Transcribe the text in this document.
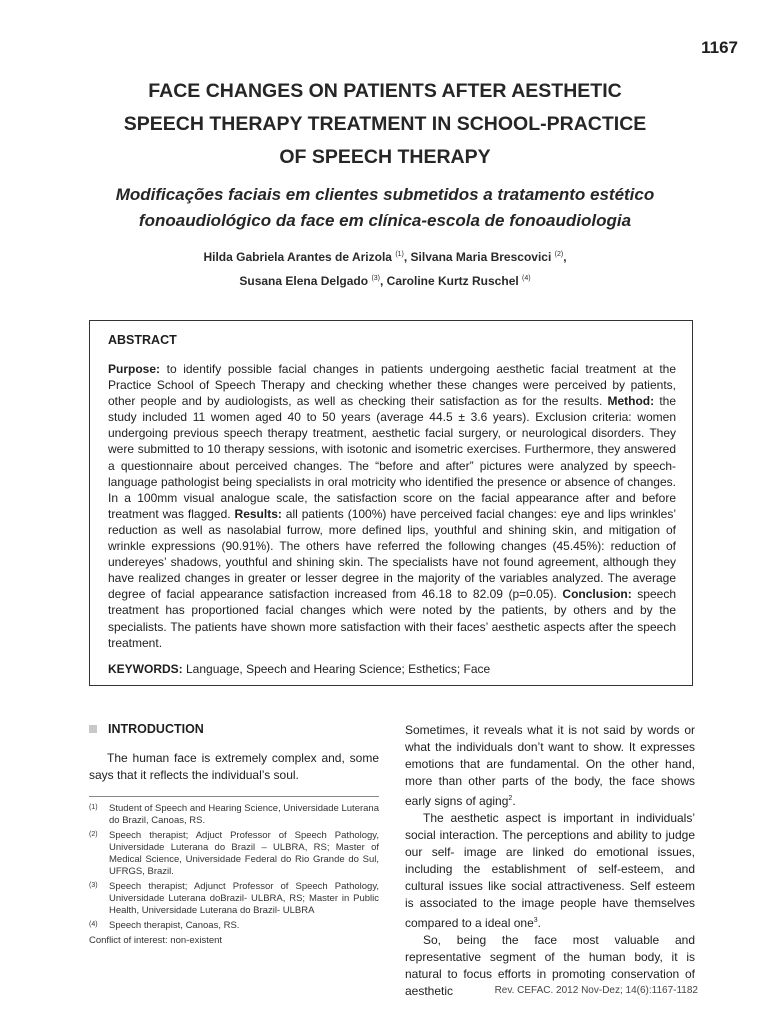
1167
FACE CHANGES ON PATIENTS AFTER AESTHETIC
SPEECH THERAPY TREATMENT IN SCHOOL-PRACTICE
OF SPEECH THERAPY
Modificações faciais em clientes submetidos a tratamento estético
fonoaudiológico da face em clínica-escola de fonoaudiologia
Hilda Gabriela Arantes de Arizola $^{(1)}$, Silvana Maria Brescovici $^{(2)}$,
Susana Elena Delgado $^{(3)}$, Caroline Kurtz Ruschel $^{(4)}$
ABSTRACT

Purpose: to identify possible facial changes in patients undergoing aesthetic facial treatment at the Practice School of Speech Therapy and checking whether these changes were perceived by patients, other people and by audiologists, as well as checking their satisfaction as for the results. Method: the study included 11 women aged 40 to 50 years (average 44.5 ± 3.6 years). Exclusion criteria: women undergoing previous speech therapy treatment, aesthetic facial surgery, or neurological disorders. They were submitted to 10 therapy sessions, with isotonic and isometric exercises. Furthermore, they answered a questionnaire about perceived changes. The “before and after” pictures were analyzed by speech-language pathologist being specialists in oral motricity who identified the presence or absence of changes. In a 100mm visual analogue scale, the satisfaction score on the facial appearance after and before treatment was flagged. Results: all patients (100%) have perceived facial changes: eye and lips wrinkles’ reduction as well as nasolabial furrow, more defined lips, youthful and shining skin, and mitigation of wrinkle expressions (90.91%). The others have referred the following changes (45.45%): reduction of undereyes’ shadows, youthful and shining skin. The specialists have not found agreement, although they have realized changes in greater or lesser degree in the majority of the variables analyzed. The average degree of facial appearance satisfaction increased from 46.18 to 82.09 (p=0.05). Conclusion: speech treatment has proportioned facial changes which were noted by the patients, by others and by the specialists. The patients have shown more satisfaction with their faces’ aesthetic aspects after the speech treatment.

KEYWORDS: Language, Speech and Hearing Science; Esthetics; Face
INTRODUCTION

The human face is extremely complex and, some says that it reflects the individual’s soul.

(1)	Student of Speech and Hearing Science, Universidade Luterana do Brazil, Canoas, RS.
(2)	Speech therapist; Adjuct Professor of Speech Pathology, Universidade Luterana do Brazil – ULBRA, RS; Master of Medical Science, Universidade Federal do Rio Grande do Sul, UFRGS, Brazil.
(3)	Speech therapist; Adjunct Professor of Speech Pathology, Universidade Luterana doBrazil- ULBRA, RS; Master in Public Health, Universidade Luterana do Brazil- ULBRA
(4)	Speech therapist, Canoas, RS.
Conflict of interest: non-existent

Sometimes, it reveals what it is not said by words or what the individuals don’t want to show. It expresses emotions that are fundamental. On the other hand, more than other parts of the body, the face shows early signs of aging$^2$.

The aesthetic aspect is important in individuals’ social interaction. The perceptions and ability to judge our self- image are linked do emotional issues, including the establishment of self-esteem, and cultural issues like social attractiveness. Self esteem is associated to the image people have themselves compared to a ideal one$^3$.

So, being the face most valuable and representative segment of the human body, it is natural to focus efforts in promoting conservation of aesthetic	Rev. CEFAC. 2012 Nov-Dez; 14(6):1167-1182
